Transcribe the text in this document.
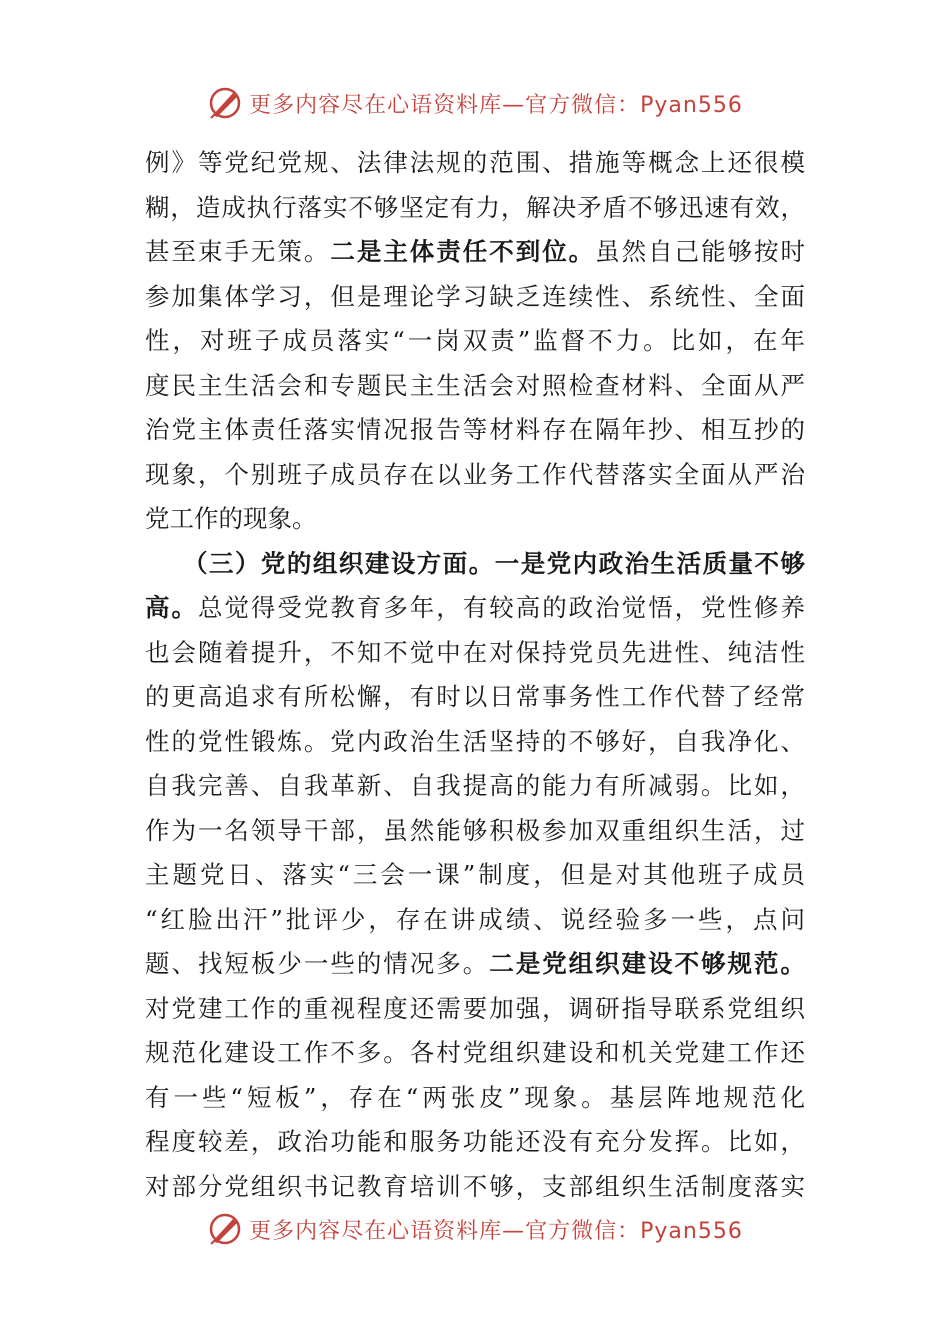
更多内容尽在心语资料库—官方微信：Pyan556
例》等党纪党规、法律法规的范围、措施等概念上还很模
糊，造成执行落实不够坚定有力，解决矛盾不够迅速有效，
甚至束手无策。二是主体责任不到位。虽然自己能够按时
参加集体学习，但是理论学习缺乏连续性、系统性、全面
性，对班子成员落实“一岗双责”监督不力。比如，在年
度民主生活会和专题民主生活会对照检查材料、全面从严
治党主体责任落实情况报告等材料存在隔年抄、相互抄的
现象，个别班子成员存在以业务工作代替落实全面从严治
党工作的现象。
（三）党的组织建设方面。一是党内政治生活质量不够
高。总觉得受党教育多年，有较高的政治觉悟，党性修养
也会随着提升，不知不觉中在对保持党员先进性、纯洁性
的更高追求有所松懈，有时以日常事务性工作代替了经常
性的党性锻炼。党内政治生活坚持的不够好，自我净化、
自我完善、自我革新、自我提高的能力有所减弱。比如，
作为一名领导干部，虽然能够积极参加双重组织生活，过
主题党日、落实“三会一课”制度，但是对其他班子成员
“红脸出汗”批评少，存在讲成绩、说经验多一些，点问
题、找短板少一些的情况多。二是党组织建设不够规范。
对党建工作的重视程度还需要加强，调研指导联系党组织
规范化建设工作不多。各村党组织建设和机关党建工作还
有一些“短板”，存在“两张皮”现象。基层阵地规范化
程度较差，政治功能和服务功能还没有充分发挥。比如，
对部分党组织书记教育培训不够，支部组织生活制度落实
更多内容尽在心语资料库—官方微信：Pyan556
